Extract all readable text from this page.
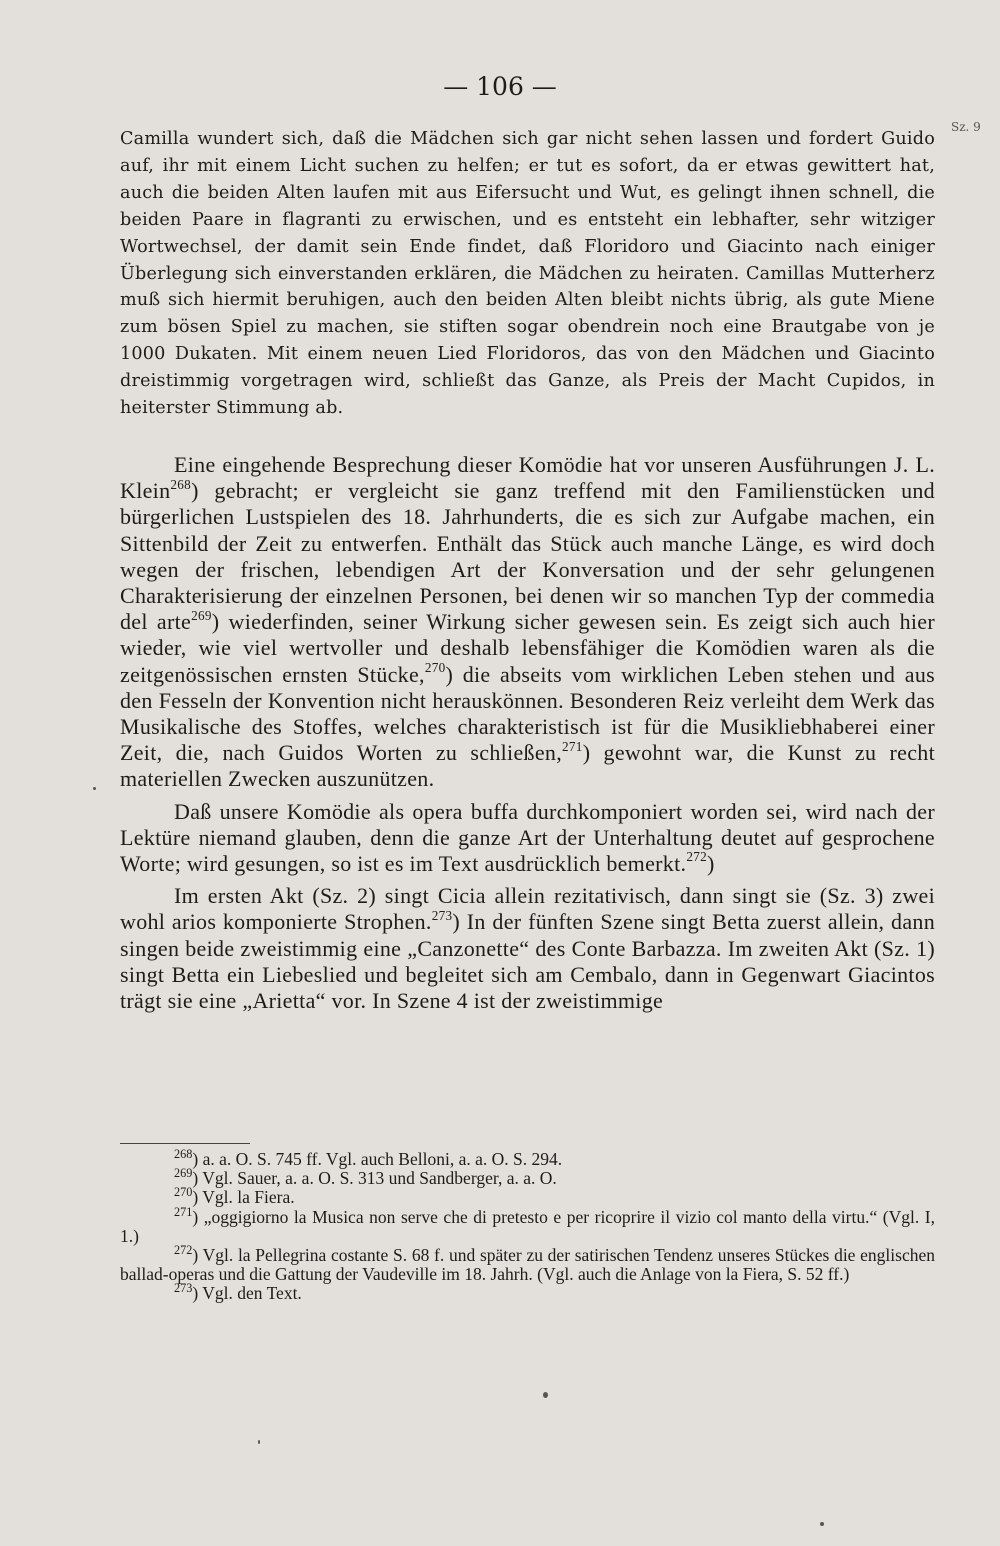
— 106 —
Sz. 9

Camilla wundert sich, daß die Mädchen sich gar nicht sehen lassen und fordert Guido auf, ihr mit einem Licht suchen zu helfen; er tut es sofort, da er etwas gewittert hat, auch die beiden Alten laufen mit aus Eifersucht und Wut, es gelingt ihnen schnell, die beiden Paare in flagranti zu erwischen, und es entsteht ein lebhafter, sehr witziger Wortwechsel, der damit sein Ende findet, daß Floridoro und Giacinto nach einiger Überlegung sich einverstanden erklären, die Mädchen zu heiraten. Camillas Mutterherz muß sich hiermit beruhigen, auch den beiden Alten bleibt nichts übrig, als gute Miene zum bösen Spiel zu machen, sie stiften sogar obendrein noch eine Brautgabe von je 1000 Dukaten. Mit einem neuen Lied Floridoros, das von den Mädchen und Giacinto dreistimmig vorgetragen wird, schließt das Ganze, als Preis der Macht Cupidos, in heiterster Stimmung ab.

Eine eingehende Besprechung dieser Komödie hat vor unseren Ausführungen J. L. Klein$^{268}$) gebracht; er vergleicht sie ganz treffend mit den Familienstücken und bürgerlichen Lustspielen des 18. Jahrhunderts, die es sich zur Aufgabe machen, ein Sittenbild der Zeit zu entwerfen. Enthält das Stück auch manche Länge, es wird doch wegen der frischen, lebendigen Art der Konversation und der sehr gelungenen Charakterisierung der einzelnen Personen, bei denen wir so manchen Typ der commedia del arte$^{269}$) wiederfinden, seiner Wirkung sicher gewesen sein. Es zeigt sich auch hier wieder, wie viel wertvoller und deshalb lebensfähiger die Komödien waren als die zeitgenössischen ernsten Stücke,$^{270}$) die abseits vom wirklichen Leben stehen und aus den Fesseln der Konvention nicht herauskönnen. Besonderen Reiz verleiht dem Werk das Musikalische des Stoffes, welches charakteristisch ist für die Musikliebhaberei einer Zeit, die, nach Guidos Worten zu schließen,$^{271}$) gewohnt war, die Kunst zu recht materiellen Zwecken auszunützen.

Daß unsere Komödie als opera buffa durchkomponiert worden sei, wird nach der Lektüre niemand glauben, denn die ganze Art der Unterhaltung deutet auf gesprochene Worte; wird gesungen, so ist es im Text ausdrücklich bemerkt.$^{272}$)

Im ersten Akt (Sz. 2) singt Cicia allein rezitativisch, dann singt sie (Sz. 3) zwei wohl arios komponierte Strophen.$^{273}$) In der fünften Szene singt Betta zuerst allein, dann singen beide zweistimmig eine „Canzonette“ des Conte Barbazza. Im zweiten Akt (Sz. 1) singt Betta ein Liebeslied und begleitet sich am Cembalo, dann in Gegenwart Giacintos trägt sie eine „Arietta“ vor. In Szene 4 ist der zweistimmige

$^{268}$) a. a. O. S. 745 ff. Vgl. auch Belloni, a. a. O. S. 294.

$^{269}$) Vgl. Sauer, a. a. O. S. 313 und Sandberger, a. a. O.

$^{270}$) Vgl. la Fiera.

$^{271}$) „oggigiorno la Musica non serve che di pretesto e per ricoprire il vizio col manto della virtu.“ (Vgl. I, 1.)

$^{272}$) Vgl. la Pellegrina costante S. 68 f. und später zu der satirischen Tendenz unseres Stückes die englischen ballad-operas und die Gattung der Vaudeville im 18. Jahrh. (Vgl. auch die Anlage von la Fiera, S. 52 ff.)

$^{273}$) Vgl. den Text.
